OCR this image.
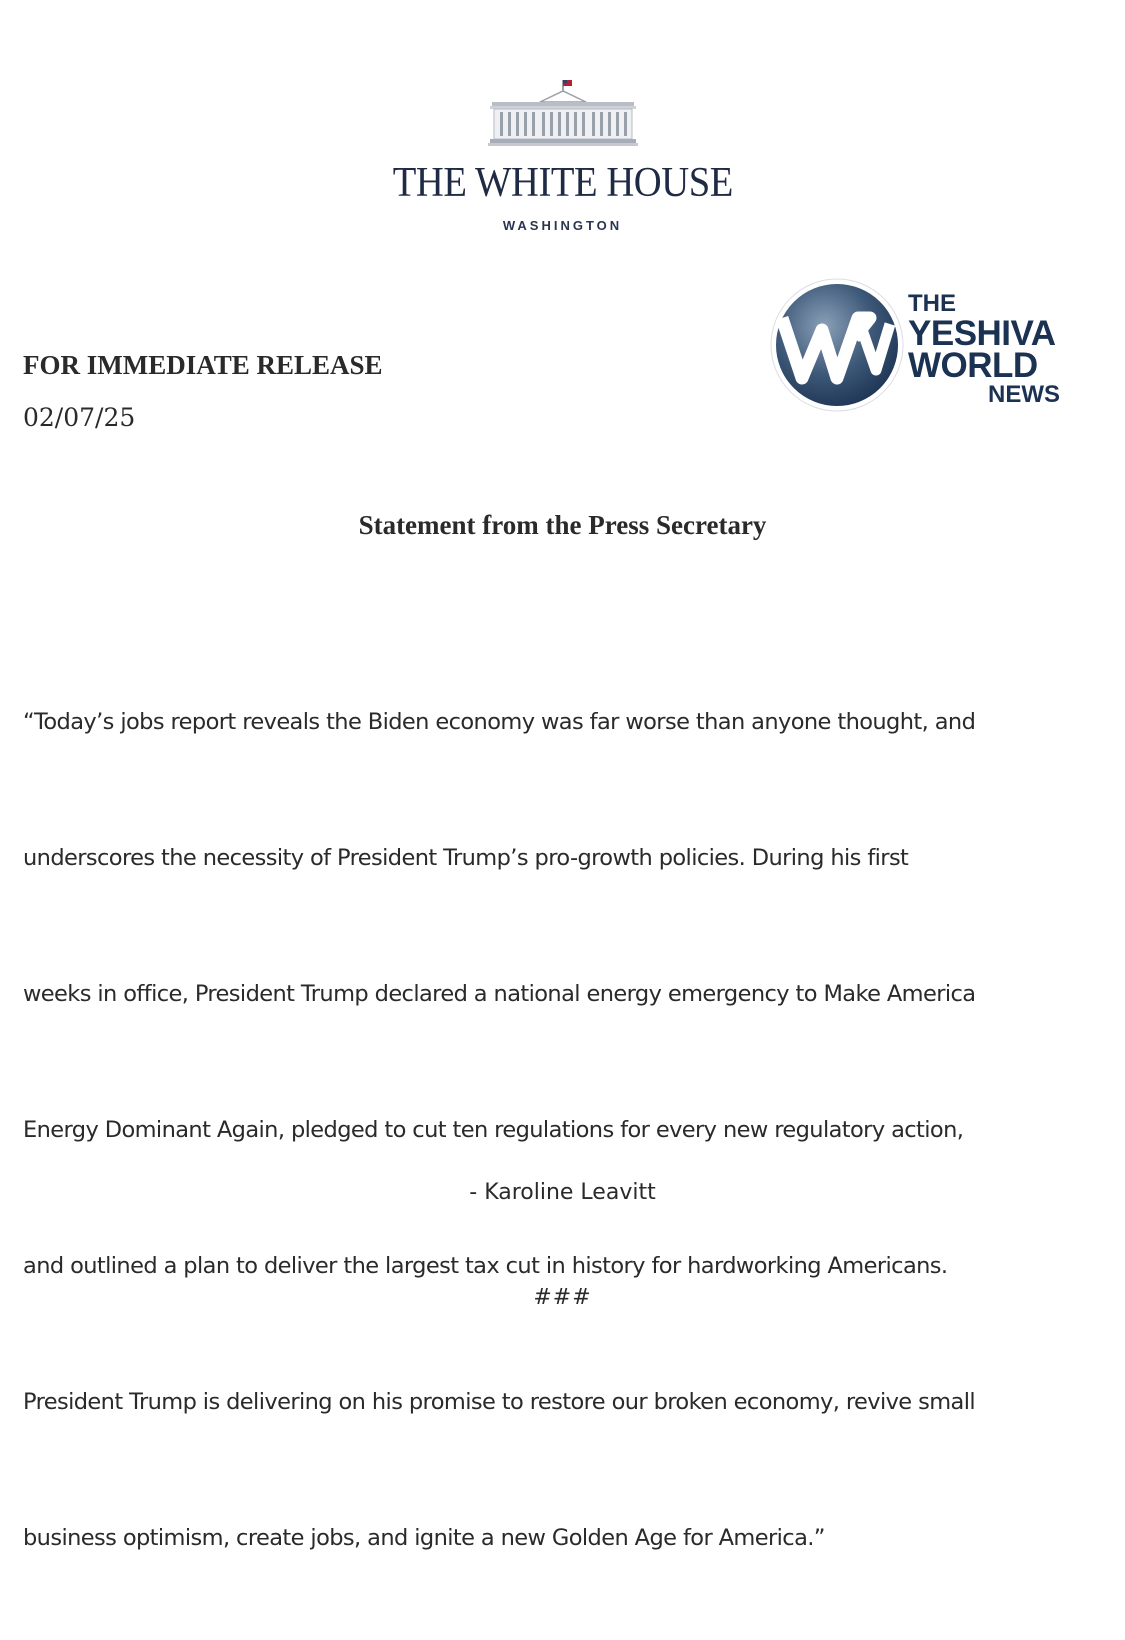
THE WHITE HOUSE
WASHINGTON
THE
YESHIVA
WORLD
NEWS
FOR IMMEDIATE RELEASE
02/07/25
Statement from the Press Secretary

“Today’s jobs report reveals the Biden economy was far worse than anyone thought, and

underscores the necessity of President Trump’s pro-growth policies. During his first

weeks in office, President Trump declared a national energy emergency to Make America

Energy Dominant Again, pledged to cut ten regulations for every new regulatory action,

and outlined a plan to deliver the largest tax cut in history for hardworking Americans.

President Trump is delivering on his promise to restore our broken economy, revive small

business optimism, create jobs, and ignite a new Golden Age for America.”

- Karoline Leavitt
###
